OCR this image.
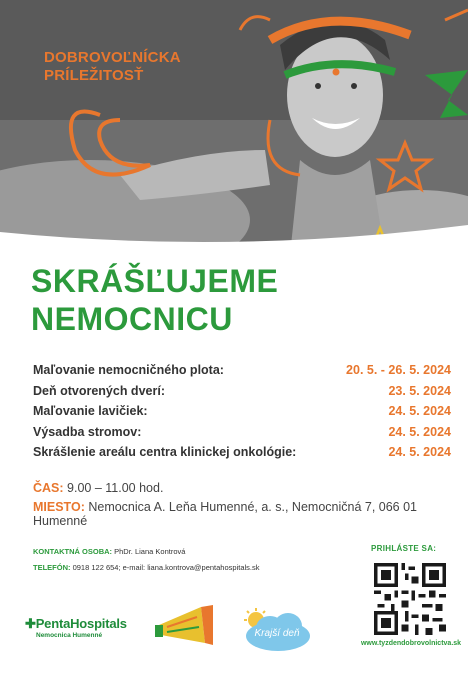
DOBROVOĽNÍCKA
PRÍLEŽITOSŤ
SKRÁŠĽUJEME
NEMOCNICU
Maľovanie nemocničného plota:	20. 5. - 26. 5. 2024
Deň otvorených dverí:	23. 5. 2024
Maľovanie lavičiek:	24. 5. 2024
Výsadba stromov:	24. 5. 2024
Skrášlenie areálu centra klinickej onkológie:	24. 5. 2024
ČAS: 9.00 – 11.00 hod.
MIESTO: Nemocnica A. Leňa Humenné, a. s., Nemocničná 7, 066 01 Humenné
KONTAKTNÁ OSOBA: PhDr. Liana Kontrová
TELEFÓN: 0918 122 654; e-mail: liana.kontrova@pentahospitals.sk
PRIHLÁSTE SA:
www.tyzdendobrovolnictva.sk
✚PentaHospitals
Nemocnica Humenné	Krajší deň
